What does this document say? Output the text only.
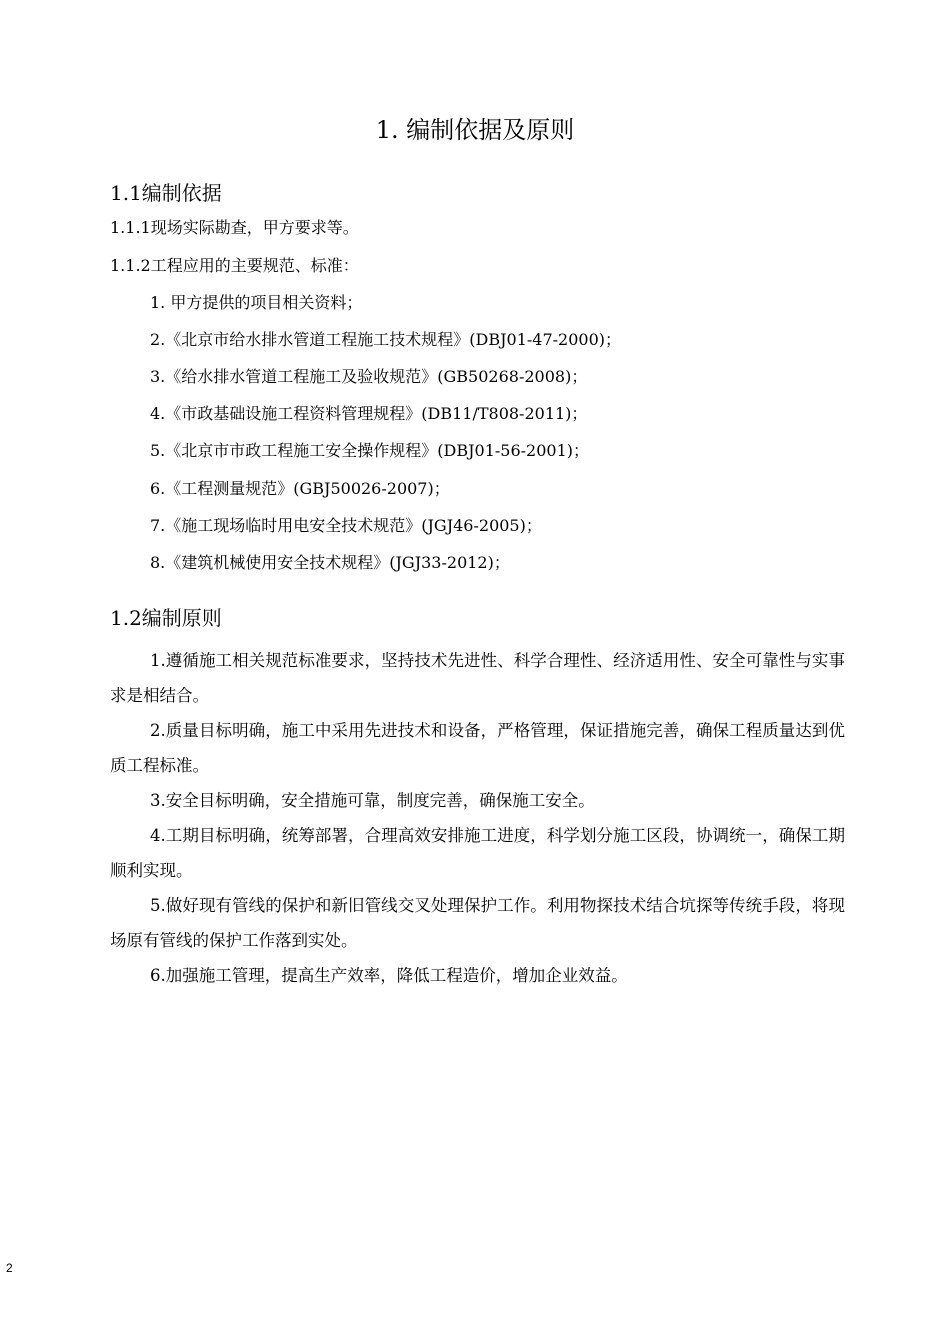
1. 编制依据及原则
1.1编制依据
1.1.1现场实际勘查，甲方要求等。
1.1.2工程应用的主要规范、标准：
1. 甲方提供的项目相关资料；
2.《北京市给水排水管道工程施工技术规程》(DBJ01-47-2000)；
3.《给水排水管道工程施工及验收规范》(GB50268-2008)；
4.《市政基础设施工程资料管理规程》(DB11/T808-2011)；
5.《北京市市政工程施工安全操作规程》(DBJ01-56-2001)；
6.《工程测量规范》(GBJ50026-2007)；
7.《施工现场临时用电安全技术规范》(JGJ46-2005)；
8.《建筑机械使用安全技术规程》(JGJ33-2012)；
1.2编制原则
1.遵循施工相关规范标准要求，坚持技术先进性、科学合理性、经济适用性、安全可靠性与实事求是相结合。
2.质量目标明确，施工中采用先进技术和设备，严格管理，保证措施完善，确保工程质量达到优质工程标准。
3.安全目标明确，安全措施可靠，制度完善，确保施工安全。
4.工期目标明确，统筹部署，合理高效安排施工进度，科学划分施工区段，协调统一，确保工期顺利实现。
5.做好现有管线的保护和新旧管线交叉处理保护工作。利用物探技术结合坑探等传统手段，将现场原有管线的保护工作落到实处。
6.加强施工管理，提高生产效率，降低工程造价，增加企业效益。
2
